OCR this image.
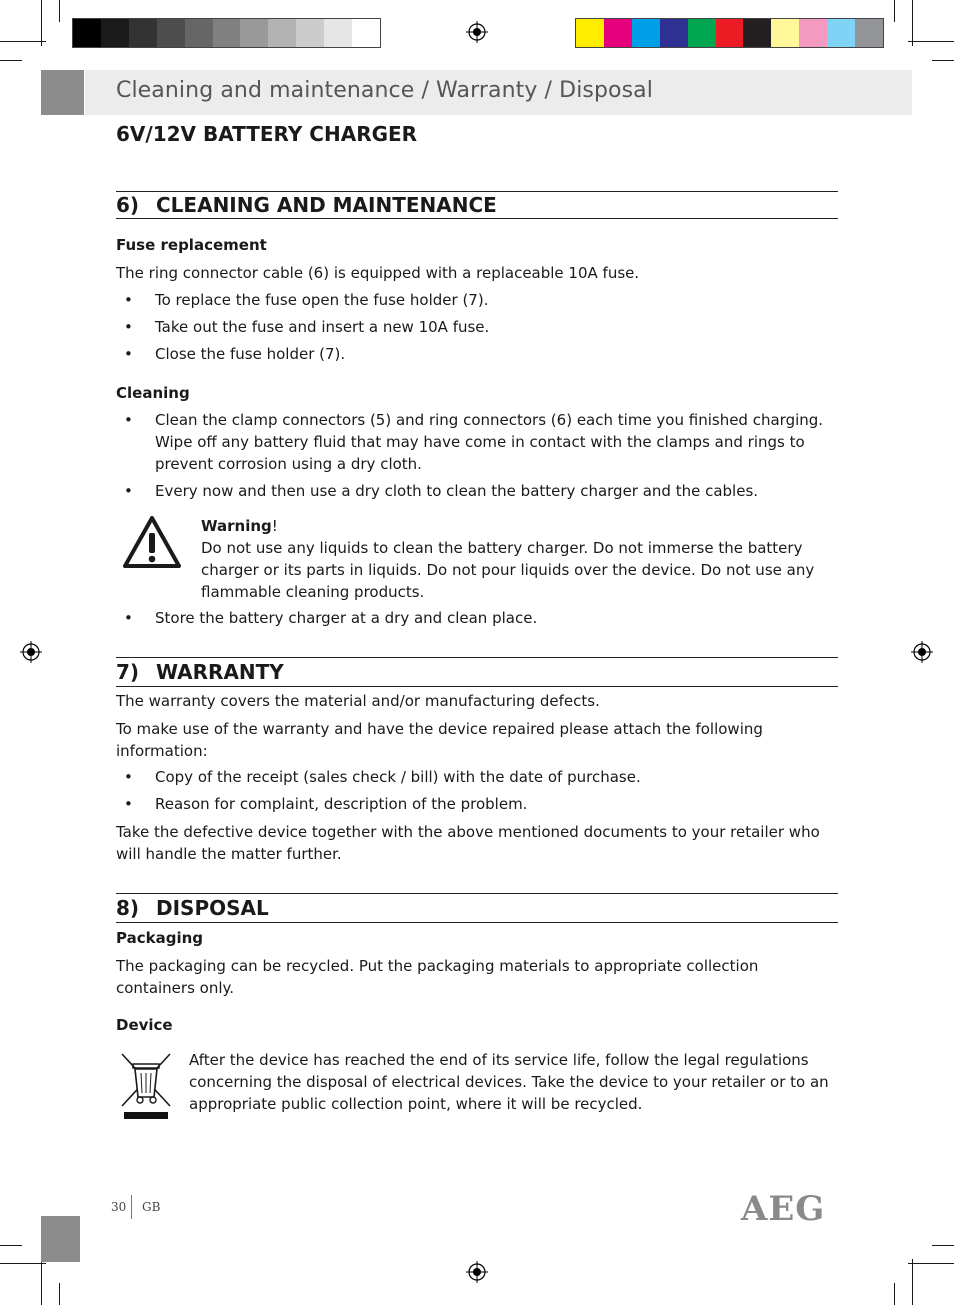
Cleaning and maintenance / Warranty / Disposal
6V/12V BATTERY CHARGER
6) CLEANING AND MAINTENANCE
Fuse replacement
The ring connector cable (6) is equipped with a replaceable 10A fuse.
• To replace the fuse open the fuse holder (7).
• Take out the fuse and insert a new 10A fuse.
• Close the fuse holder (7).
Cleaning
• Clean the clamp connectors (5) and ring connectors (6) each time you finished charging. Wipe off any battery fluid that may have come in contact with the clamps and rings to prevent corrosion using a dry cloth.
• Every now and then use a dry cloth to clean the battery charger and the cables.
Warning!
Do not use any liquids to clean the battery charger. Do not immerse the battery charger or its parts in liquids. Do not pour liquids over the device. Do not use any flammable cleaning products.
• Store the battery charger at a dry and clean place.
7) WARRANTY
The warranty covers the material and/or manufacturing defects.
To make use of the warranty and have the device repaired please attach the following information:
• Copy of the receipt (sales check / bill) with the date of purchase.
• Reason for complaint, description of the problem.
Take the defective device together with the above mentioned documents to your retailer who will handle the matter further.
8) DISPOSAL
Packaging
The packaging can be recycled. Put the packaging materials to appropriate collection containers only.
Device
After the device has reached the end of its service life, follow the legal regulations concerning the disposal of electrical devices. Take the device to your retailer or to an appropriate public collection point, where it will be recycled.
30 GB	AEG
